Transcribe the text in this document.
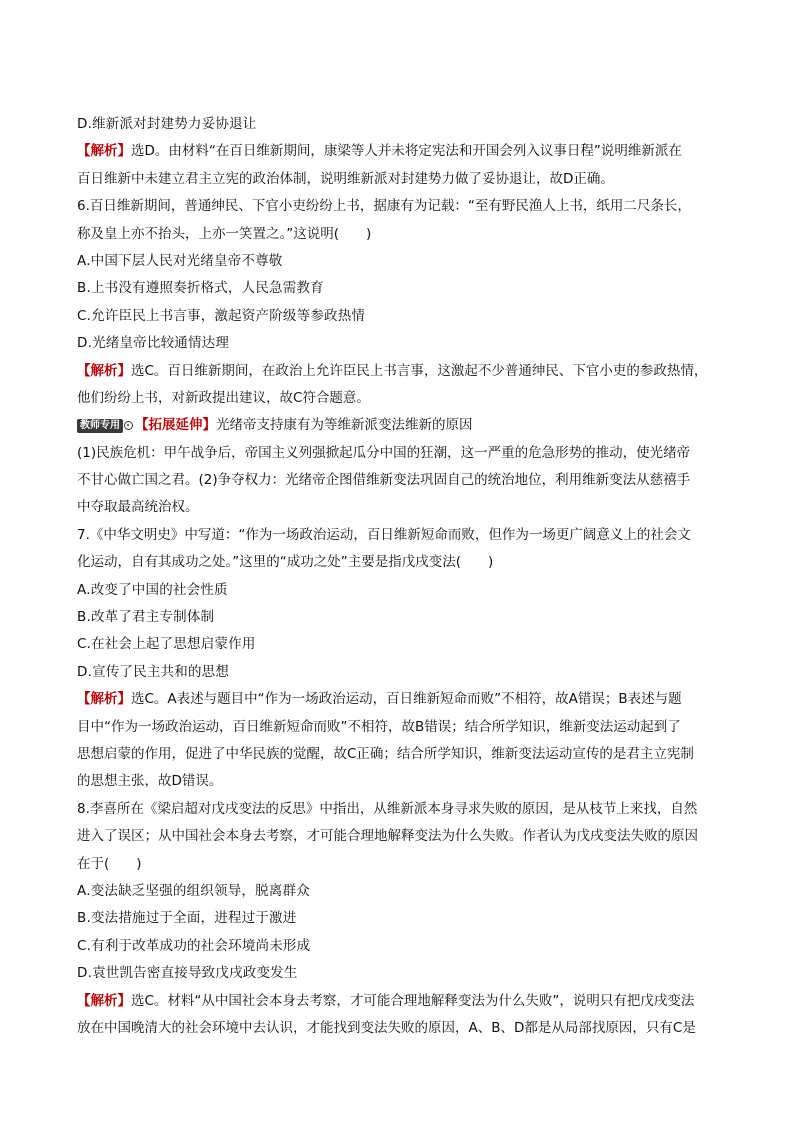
D.维新派对封建势力妥协退让
【解析】选D。由材料“在百日维新期间，康梁等人并未将定宪法和开国会列入议事日程”说明维新派在
百日维新中未建立君主立宪的政治体制，说明维新派对封建势力做了妥协退让，故D正确。
6.百日维新期间，普通绅民、下官小吏纷纷上书，据康有为记载：“至有野民渔人上书，纸用二尺条长，
称及皇上亦不抬头，上亦一笑置之。”这说明(　　)
A.中国下层人民对光绪皇帝不尊敬
B.上书没有遵照奏折格式，人民急需教育
C.允许臣民上书言事，激起资产阶级等参政热情
D.光绪皇帝比较通情达理
【解析】选C。百日维新期间，在政治上允许臣民上书言事，这激起不少普通绅民、下官小吏的参政热情，
他们纷纷上书，对新政提出建议，故C符合题意。
教师专用 【拓展延伸】光绪帝支持康有为等维新派变法维新的原因
(1)民族危机：甲午战争后，帝国主义列强掀起瓜分中国的狂潮，这一严重的危急形势的推动，使光绪帝
不甘心做亡国之君。(2)争夺权力：光绪帝企图借维新变法巩固自己的统治地位，利用维新变法从慈禧手
中夺取最高统治权。
7.《中华文明史》中写道：“作为一场政治运动，百日维新短命而败，但作为一场更广阔意义上的社会文
化运动，自有其成功之处。”这里的“成功之处”主要是指戊戌变法(　　)
A.改变了中国的社会性质
B.改革了君主专制体制
C.在社会上起了思想启蒙作用
D.宣传了民主共和的思想
【解析】选C。A表述与题目中“作为一场政治运动，百日维新短命而败”不相符，故A错误；B表述与题
目中“作为一场政治运动，百日维新短命而败”不相符，故B错误；结合所学知识，维新变法运动起到了
思想启蒙的作用，促进了中华民族的觉醒，故C正确；结合所学知识，维新变法运动宣传的是君主立宪制
的思想主张，故D错误。
8.李喜所在《梁启超对戊戌变法的反思》中指出，从维新派本身寻求失败的原因，是从枝节上来找，自然
进入了误区；从中国社会本身去考察，才可能合理地解释变法为什么失败。作者认为戊戌变法失败的原因
在于(　　)
A.变法缺乏坚强的组织领导，脱离群众
B.变法措施过于全面，进程过于激进
C.有利于改革成功的社会环境尚未形成
D.袁世凯告密直接导致戊戌政变发生
【解析】选C。材料“从中国社会本身去考察，才可能合理地解释变法为什么失败”，说明只有把戊戌变法
放在中国晚清大的社会环境中去认识，才能找到变法失败的原因，A、B、D都是从局部找原因，只有C是
